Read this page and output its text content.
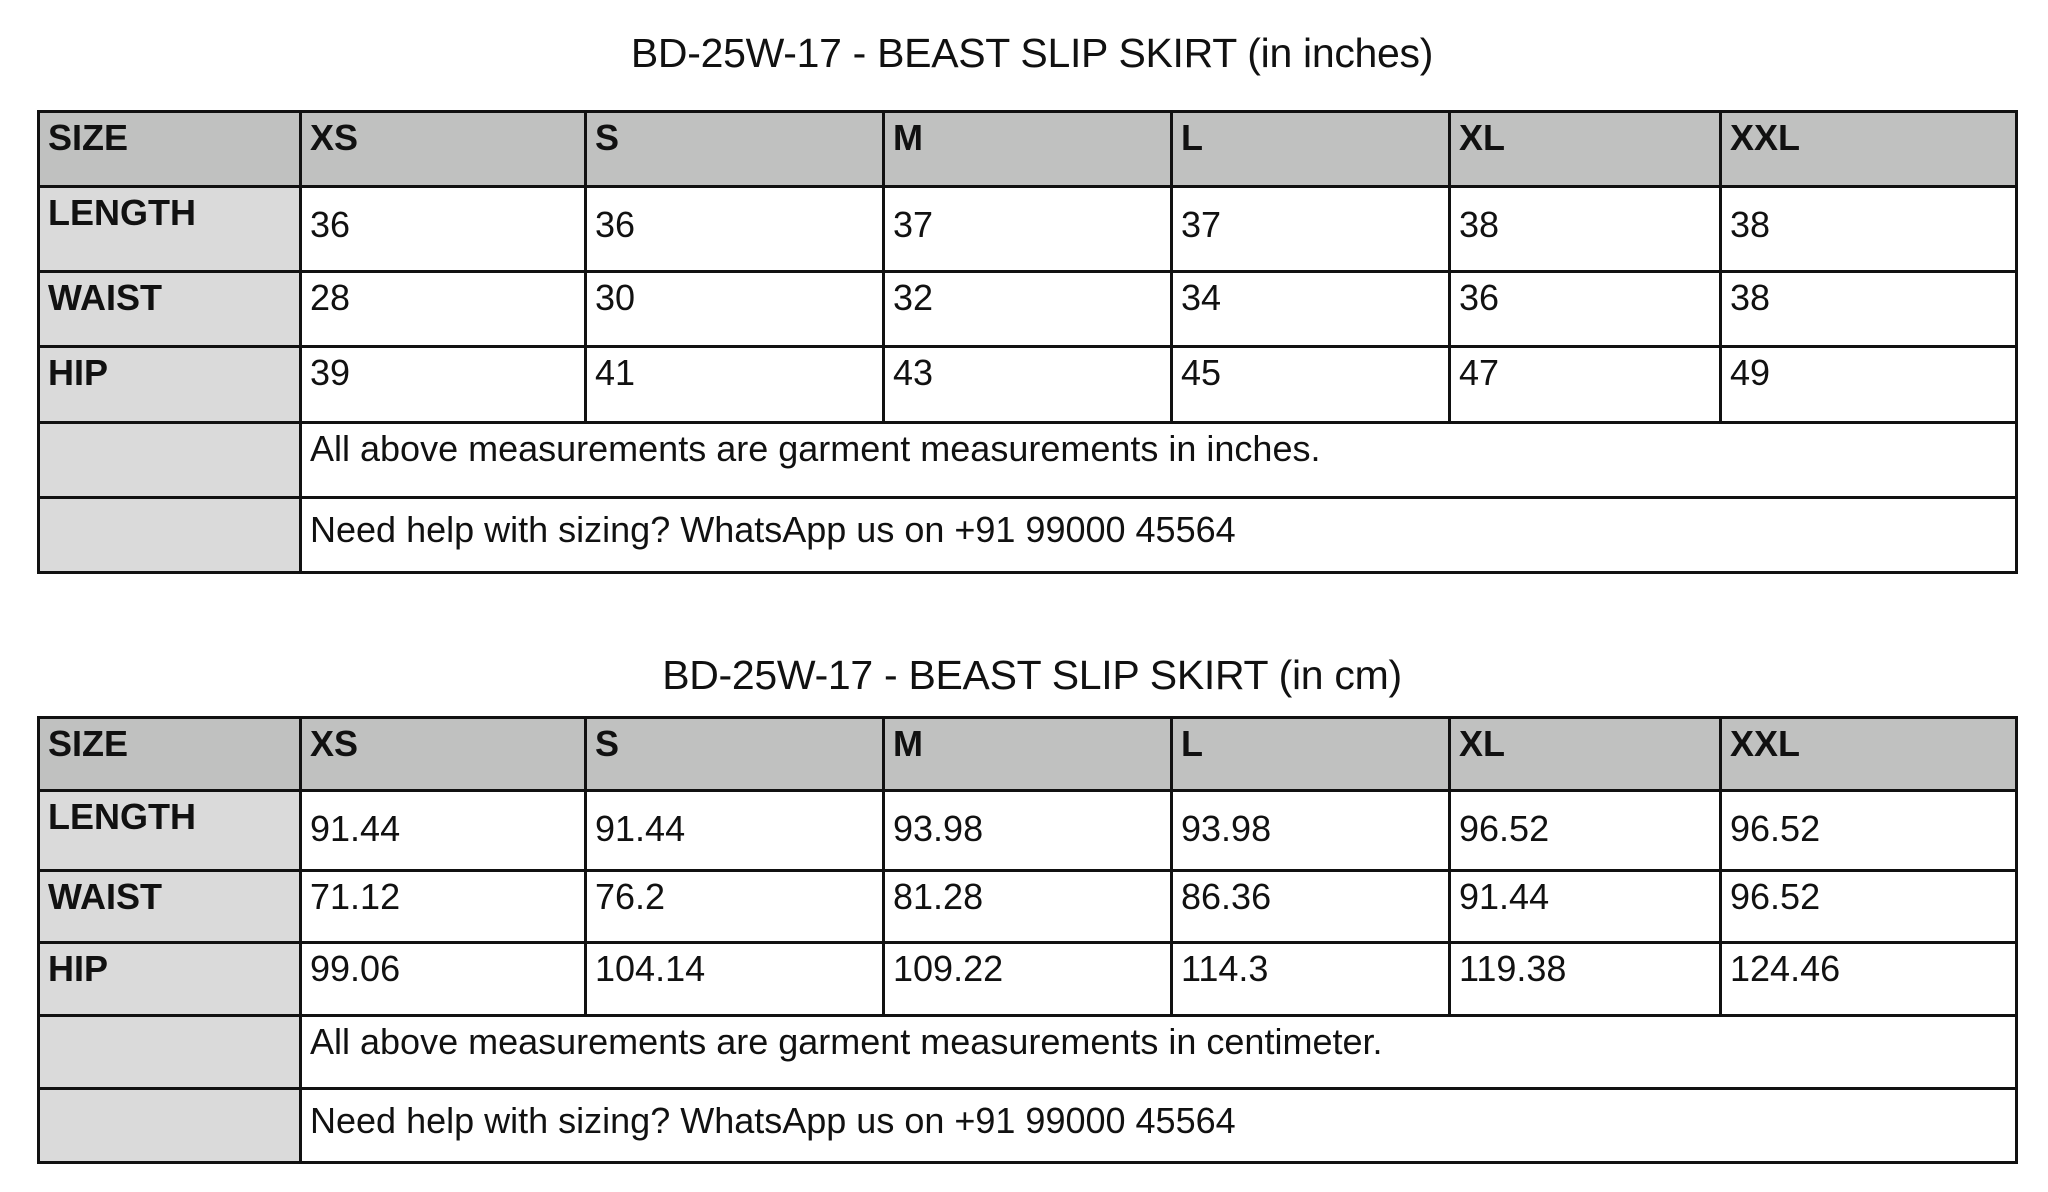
BD-25W-17 - BEAST SLIP SKIRT (in inches)
SIZE	XS	S	M	L	XL	XXL
LENGTH	36	36	37	37	38	38
WAIST	28	30	32	34	36	38
HIP	39	41	43	45	47	49
	All above measurements are garment measurements in inches.					
	Need help with sizing? WhatsApp us on +91 99000 45564					
BD-25W-17 - BEAST SLIP SKIRT (in cm)
SIZE	XS	S	M	L	XL	XXL
LENGTH	91.44	91.44	93.98	93.98	96.52	96.52
WAIST	71.12	76.2	81.28	86.36	91.44	96.52
HIP	99.06	104.14	109.22	114.3	119.38	124.46
	All above measurements are garment measurements in centimeter.					
	Need help with sizing? WhatsApp us on +91 99000 45564					
